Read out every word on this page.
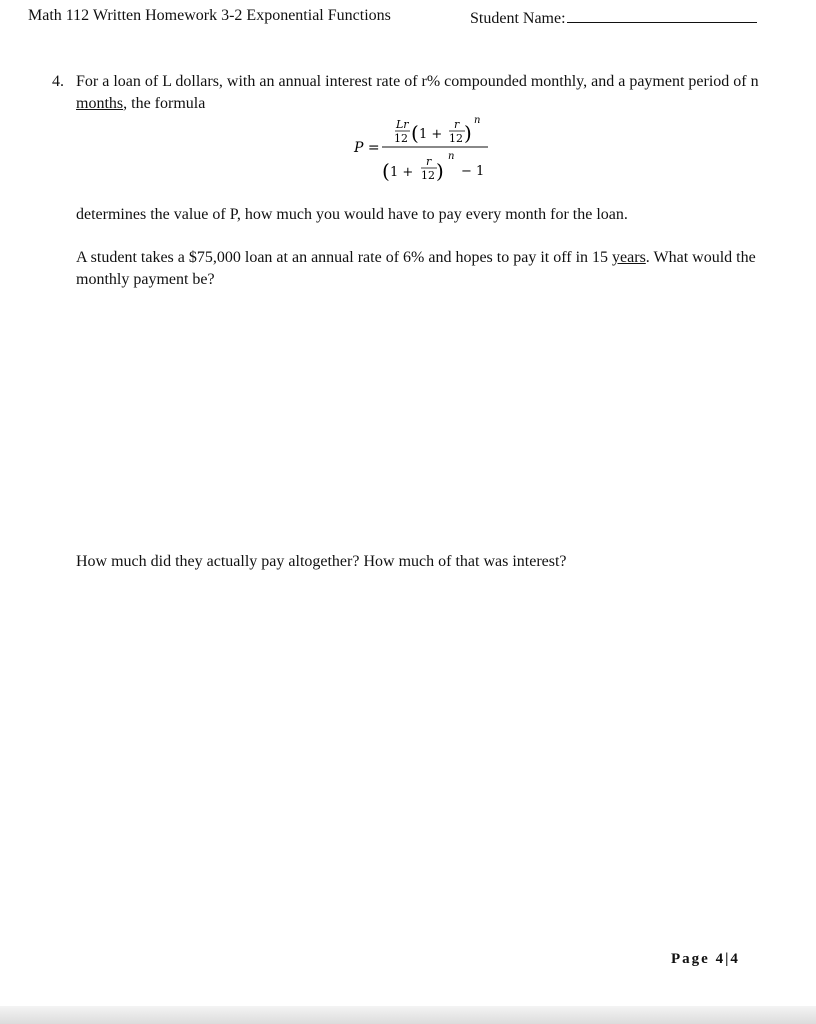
Math 112 Written Homework 3-2 Exponential Functions	Student Name:
4. For a loan of L dollars, with an annual interest rate of r% compounded monthly, and a payment period of n months, the formula
P =
Lr
12 ( 1 +
r
12 )
n
( 1 +
r
12 )
n
− 1
determines the value of P, how much you would have to pay every month for the loan.
A student takes a $75,000 loan at an annual rate of 6% and hopes to pay it off in 15 years. What would the monthly payment be?
How much did they actually pay altogether? How much of that was interest?
Page 4|4
